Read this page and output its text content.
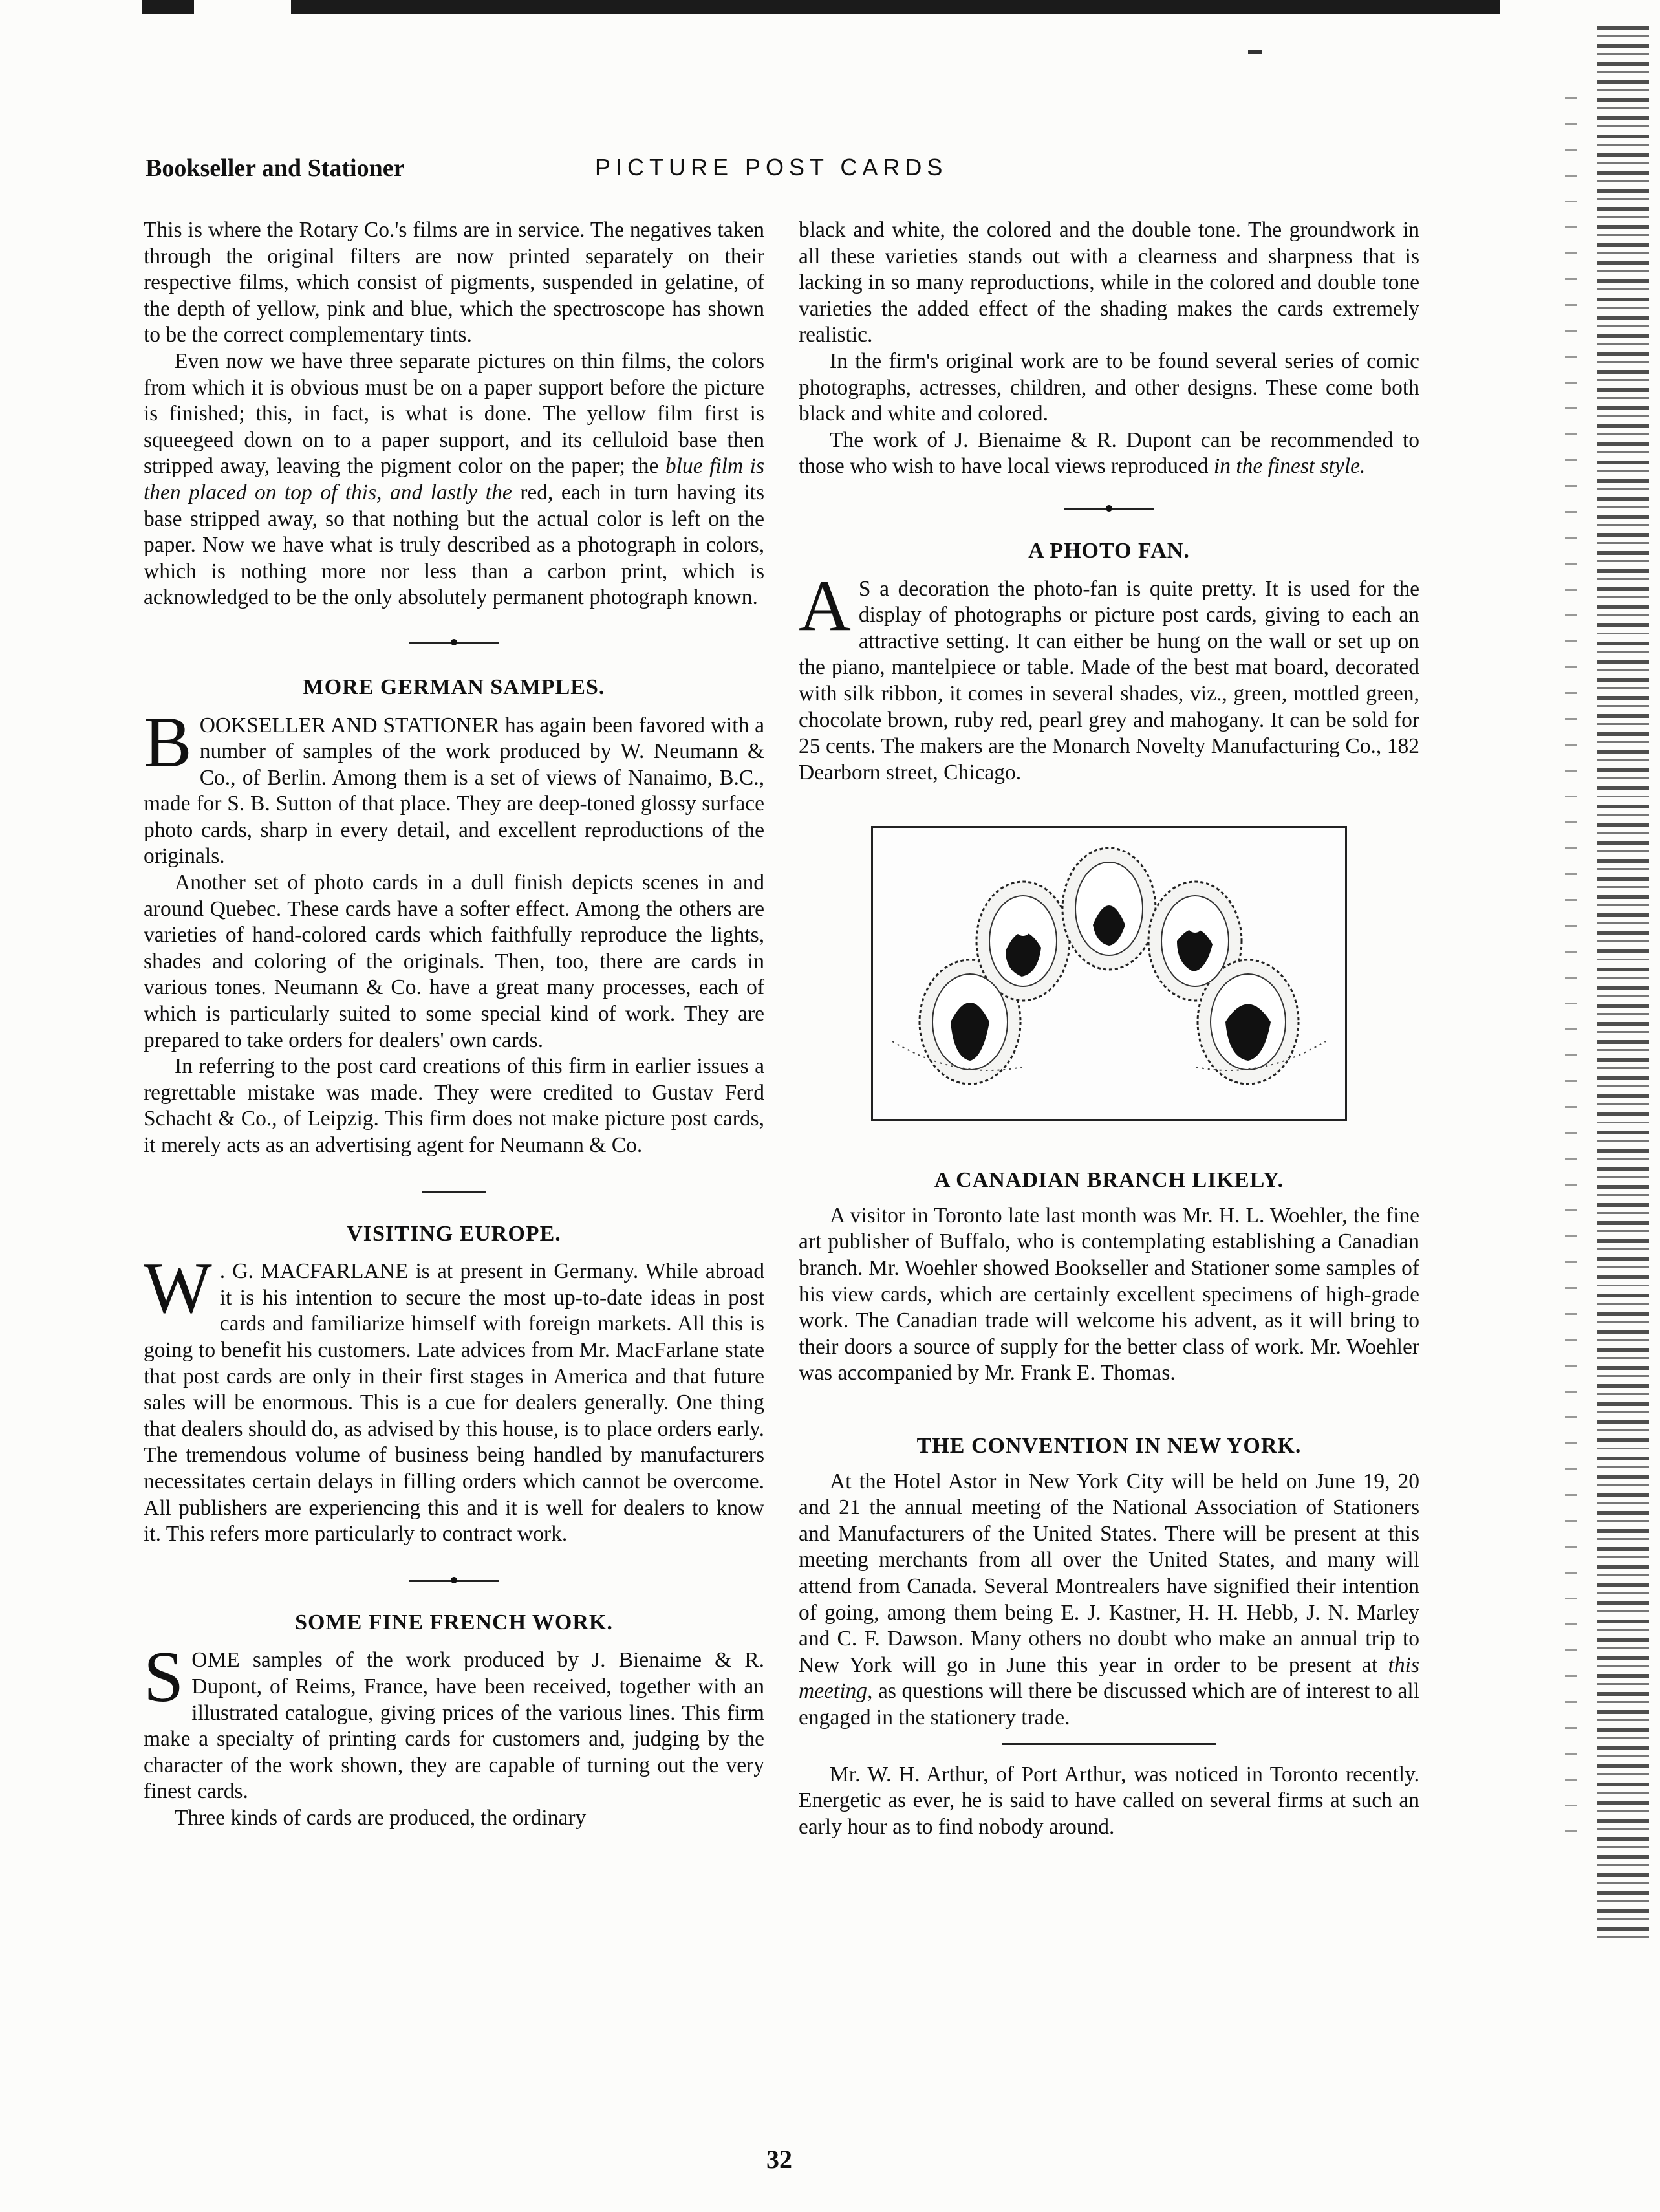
Bookseller and Stationer	PICTURE POST CARDS

This is where the Rotary Co.'s films are in service. The negatives taken through the original filters are now printed separately on their respective films, which consist of pigments, suspended in gelatine, of the depth of yellow, pink and blue, which the spectroscope has shown to be the correct complementary tints.

Even now we have three separate pictures on thin films, the colors from which it is obvious must be on a paper support before the picture is finished; this, in fact, is what is done. The yellow film first is squeegeed down on to a paper support, and its celluloid base then stripped away, leaving the pigment color on the paper; the blue film is then placed on top of this, and lastly the red, each in turn having its base stripped away, so that nothing but the actual color is left on the paper. Now we have what is truly described as a photograph in colors, which is nothing more nor less than a carbon print, which is acknowledged to be the only absolutely permanent photograph known.

MORE GERMAN SAMPLES.

BOOKSELLER AND STATIONER has again been favored with a number of samples of the work produced by W. Neumann & Co., of Berlin. Among them is a set of views of Nanaimo, B.C., made for S. B. Sutton of that place. They are deep-toned glossy surface photo cards, sharp in every detail, and excellent reproductions of the originals.

Another set of photo cards in a dull finish depicts scenes in and around Quebec. These cards have a softer effect. Among the others are varieties of hand-colored cards which faithfully reproduce the lights, shades and coloring of the originals. Then, too, there are cards in various tones. Neumann & Co. have a great many processes, each of which is particularly suited to some special kind of work. They are prepared to take orders for dealers' own cards.

In referring to the post card creations of this firm in earlier issues a regrettable mistake was made. They were credited to Gustav Ferd Schacht & Co., of Leipzig. This firm does not make picture post cards, it merely acts as an advertising agent for Neumann & Co.

VISITING EUROPE.

W . G. MACFARLANE is at present in Germany. While abroad it is his intention to secure the most up-to-date ideas in post cards and familiarize himself with foreign markets. All this is going to benefit his customers. Late advices from Mr. MacFarlane state that post cards are only in their first stages in America and that future sales will be enormous. This is a cue for dealers generally. One thing that dealers should do, as advised by this house, is to place orders early. The tremendous volume of business being handled by manufacturers necessitates certain delays in filling orders which cannot be overcome. All publishers are experiencing this and it is well for dealers to know it. This refers more particularly to contract work.

SOME FINE FRENCH WORK.

SOME samples of the work produced by J. Bienaime & R. Dupont, of Reims, France, have been received, together with an illustrated catalogue, giving prices of the various lines. This firm make a specialty of printing cards for customers and, judging by the character of the work shown, they are capable of turning out the very finest cards.

Three kinds of cards are produced, the ordinary

black and white, the colored and the double tone. The groundwork in all these varieties stands out with a clearness and sharpness that is lacking in so many reproductions, while in the colored and double tone varieties the added effect of the shading makes the cards extremely realistic.

In the firm's original work are to be found several series of comic photographs, actresses, children, and other designs. These come both black and white and colored.

The work of J. Bienaime & R. Dupont can be recommended to those who wish to have local views reproduced in the finest style.

A PHOTO FAN.

A S a decoration the photo-fan is quite pretty. It is used for the display of photographs or picture post cards, giving to each an attractive setting. It can either be hung on the wall or set up on the piano, mantelpiece or table. Made of the best mat board, decorated with silk ribbon, it comes in several shades, viz., green, mottled green, chocolate brown, ruby red, pearl grey and mahogany. It can be sold for 25 cents. The makers are the Monarch Novelty Manufacturing Co., 182 Dearborn street, Chicago.

A CANADIAN BRANCH LIKELY.

A visitor in Toronto late last month was Mr. H. L. Woehler, the fine art publisher of Buffalo, who is contemplating establishing a Canadian branch. Mr. Woehler showed Bookseller and Stationer some samples of his view cards, which are certainly excellent specimens of high-grade work. The Canadian trade will welcome his advent, as it will bring to their doors a source of supply for the better class of work. Mr. Woehler was accompanied by Mr. Frank E. Thomas.

THE CONVENTION IN NEW YORK.

At the Hotel Astor in New York City will be held on June 19, 20 and 21 the annual meeting of the National Association of Stationers and Manufacturers of the United States. There will be present at this meeting merchants from all over the United States, and many will attend from Canada. Several Montrealers have signified their intention of going, among them being E. J. Kastner, H. H. Hebb, J. N. Marley and C. F. Dawson. Many others no doubt who make an annual trip to New York will go in June this year in order to be present at this meeting, as questions will there be discussed which are of interest to all engaged in the stationery trade.

Mr. W. H. Arthur, of Port Arthur, was noticed in Toronto recently. Energetic as ever, he is said to have called on several firms at such an early hour as to find nobody around.

32
